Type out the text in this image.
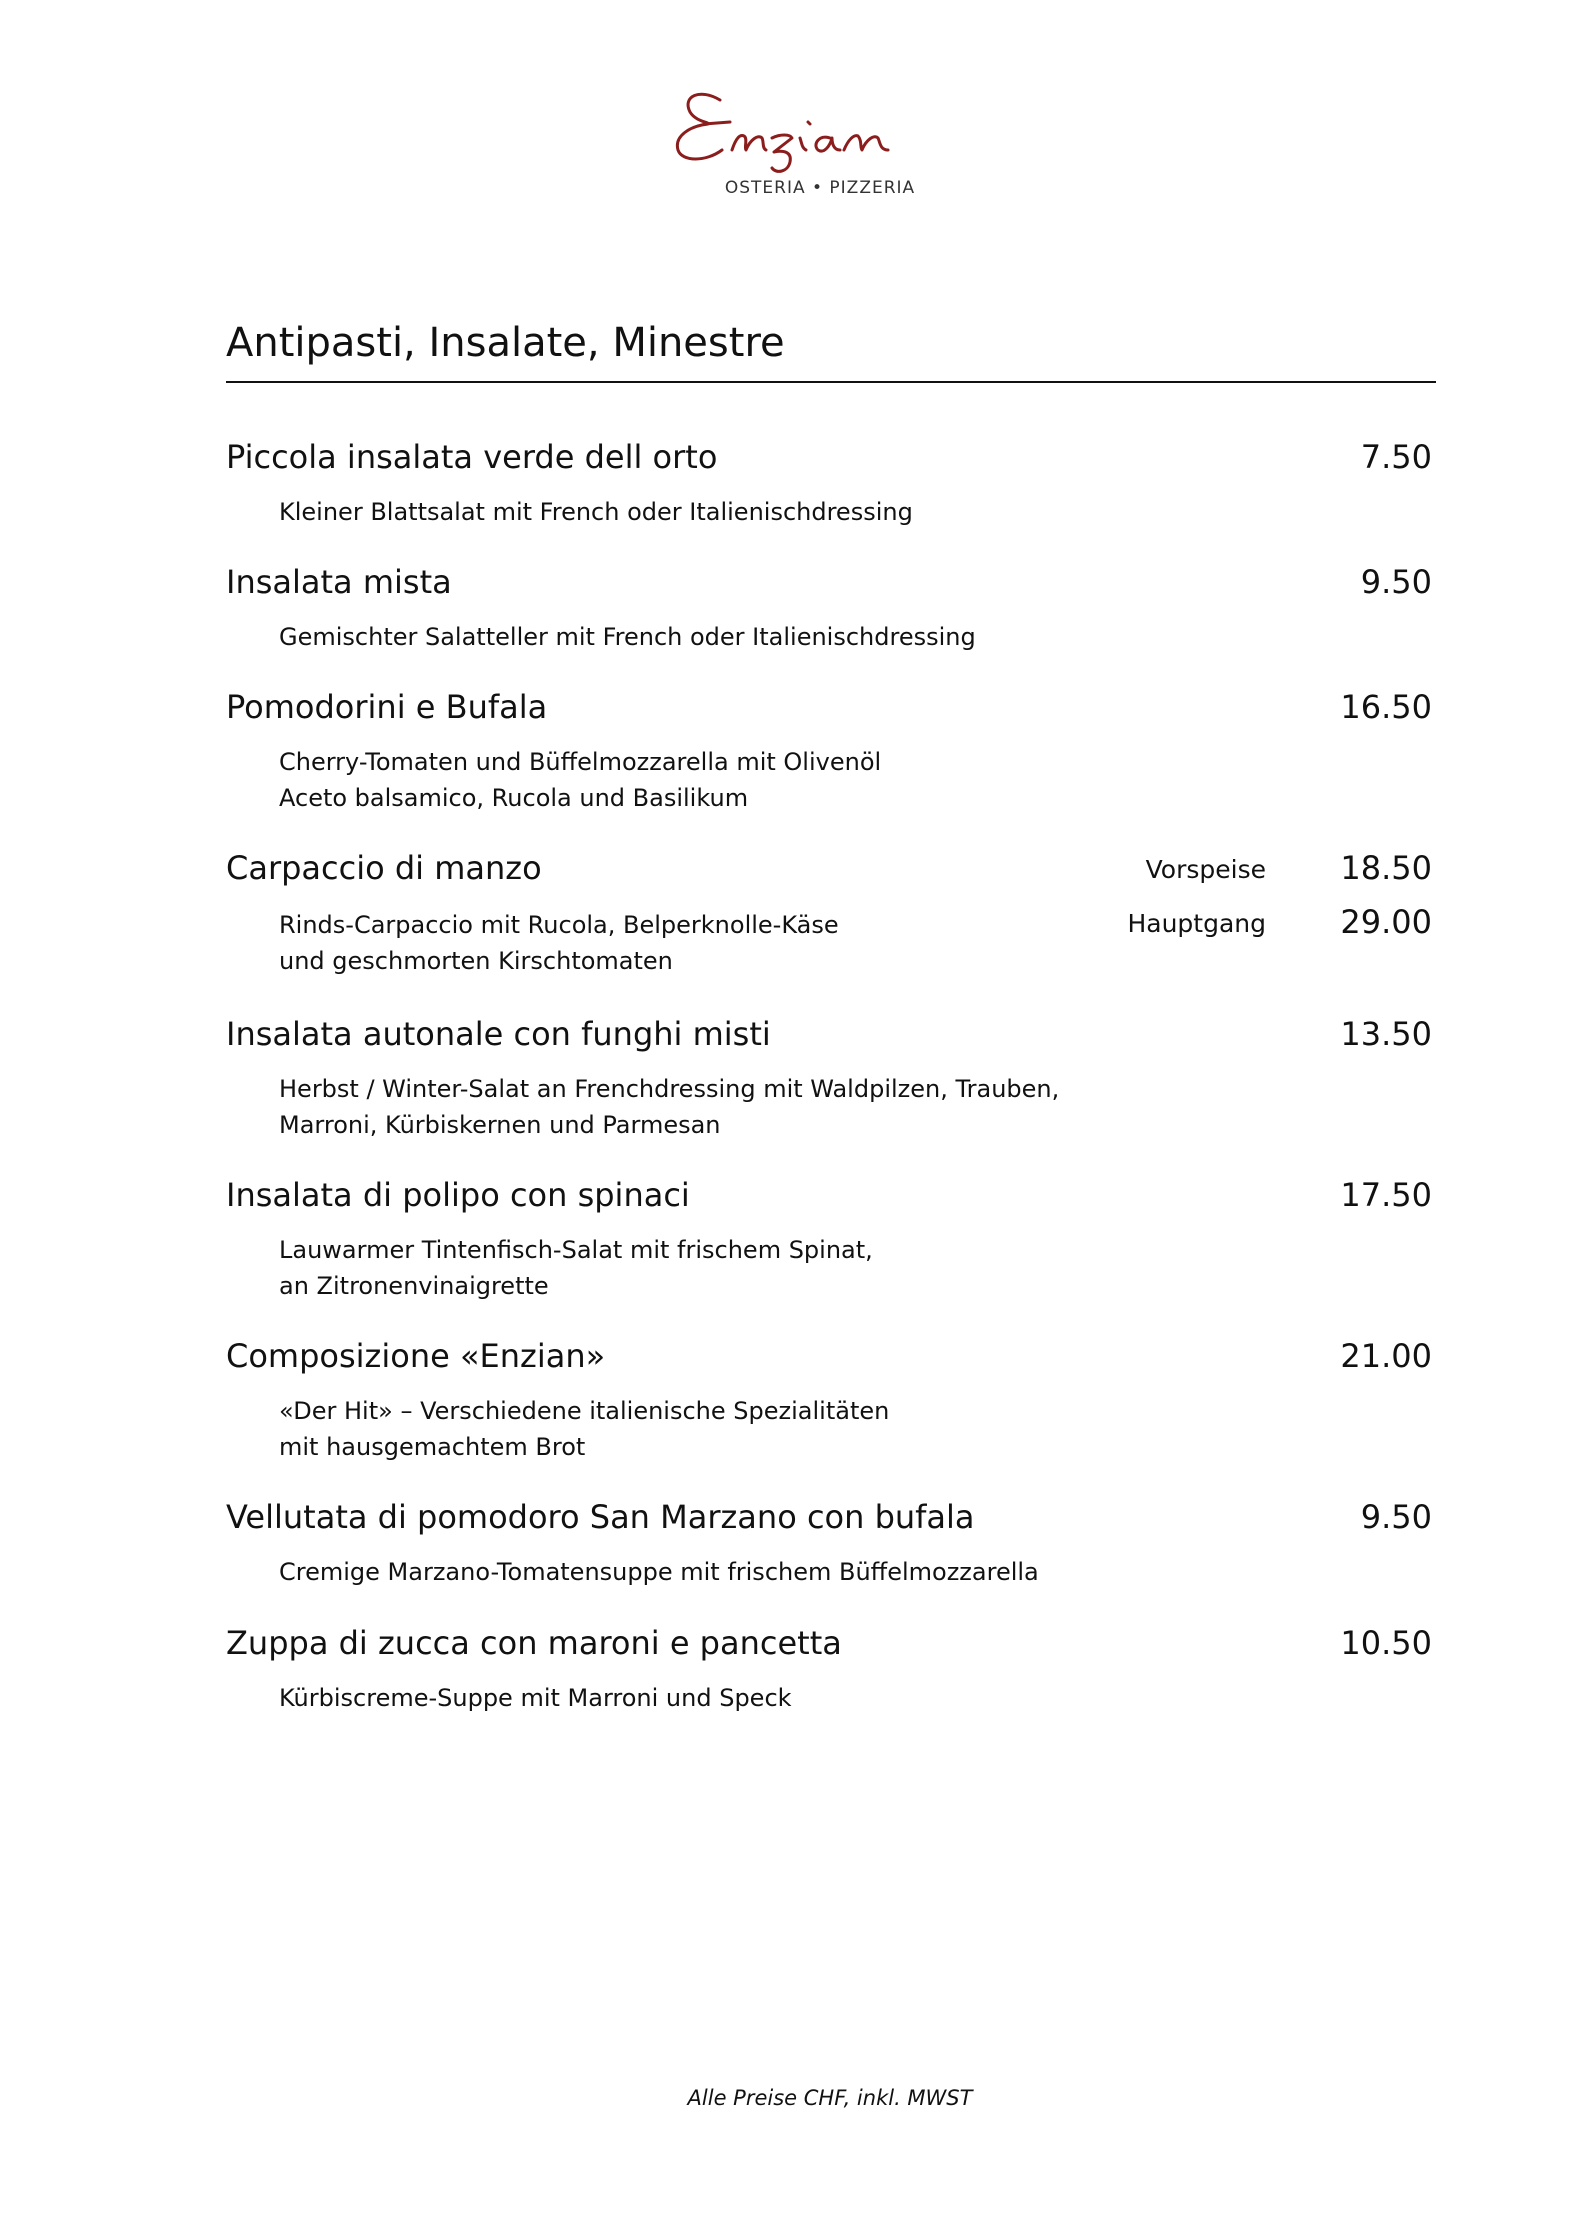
OSTERIA • PIZZERIA
Antipasti, Insalate, Minestre
Piccola insalata verde dell orto	7.50
Kleiner Blattsalat mit French oder Italienischdressing
Insalata mista	9.50
Gemischter Salatteller mit French oder Italienischdressing
Pomodorini e Bufala	16.50
Cherry-Tomaten und Büffelmozzarella mit Olivenöl
Aceto balsamico, Rucola und Basilikum
Carpaccio di manzo	Vorspeise 18.50
Hauptgang 29.00
Rinds-Carpaccio mit Rucola, Belperknolle-Käse
und geschmorten Kirschtomaten
Insalata autonale con funghi misti	13.50
Herbst / Winter-Salat an Frenchdressing mit Waldpilzen, Trauben,
Marroni, Kürbiskernen und Parmesan
Insalata di polipo con spinaci	17.50
Lauwarmer Tintenfisch-Salat mit frischem Spinat,
an Zitronenvinaigrette
Composizione «Enzian»	21.00
«Der Hit» – Verschiedene italienische Spezialitäten
mit hausgemachtem Brot
Vellutata di pomodoro San Marzano con bufala	9.50
Cremige Marzano-Tomatensuppe mit frischem Büffelmozzarella
Zuppa di zucca con maroni e pancetta	10.50
Kürbiscreme-Suppe mit Marroni und Speck
Alle Preise CHF, inkl. MWST
